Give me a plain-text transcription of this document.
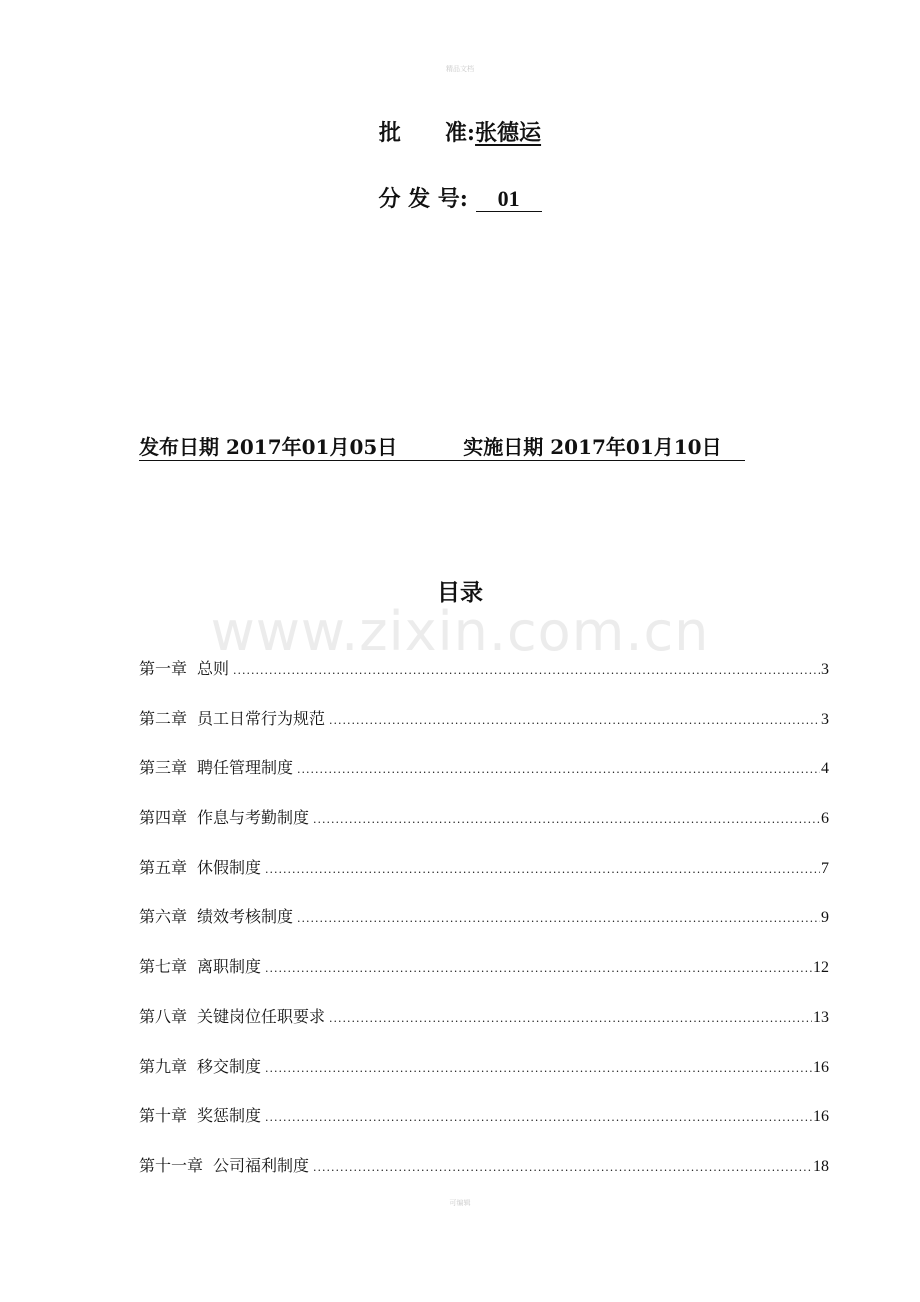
精品文档
批　　准:张德运
分 发 号: 01
发布日期 2017年01月05日	实施日期 2017年01月10日
目录
www.zixin.com.cn
第一章 总则 .....	3
第二章 员工日常行为规范 .....	3
第三章 聘任管理制度 .....	4
第四章 作息与考勤制度 .....	6
第五章 休假制度 .....	7
第六章 绩效考核制度 .....	9
第七章 离职制度 .....	12
第八章 关键岗位任职要求 .....	13
第九章 移交制度 .....	16
第十章 奖惩制度 .....	16
第十一章 公司福利制度 .....	18
可编辑
